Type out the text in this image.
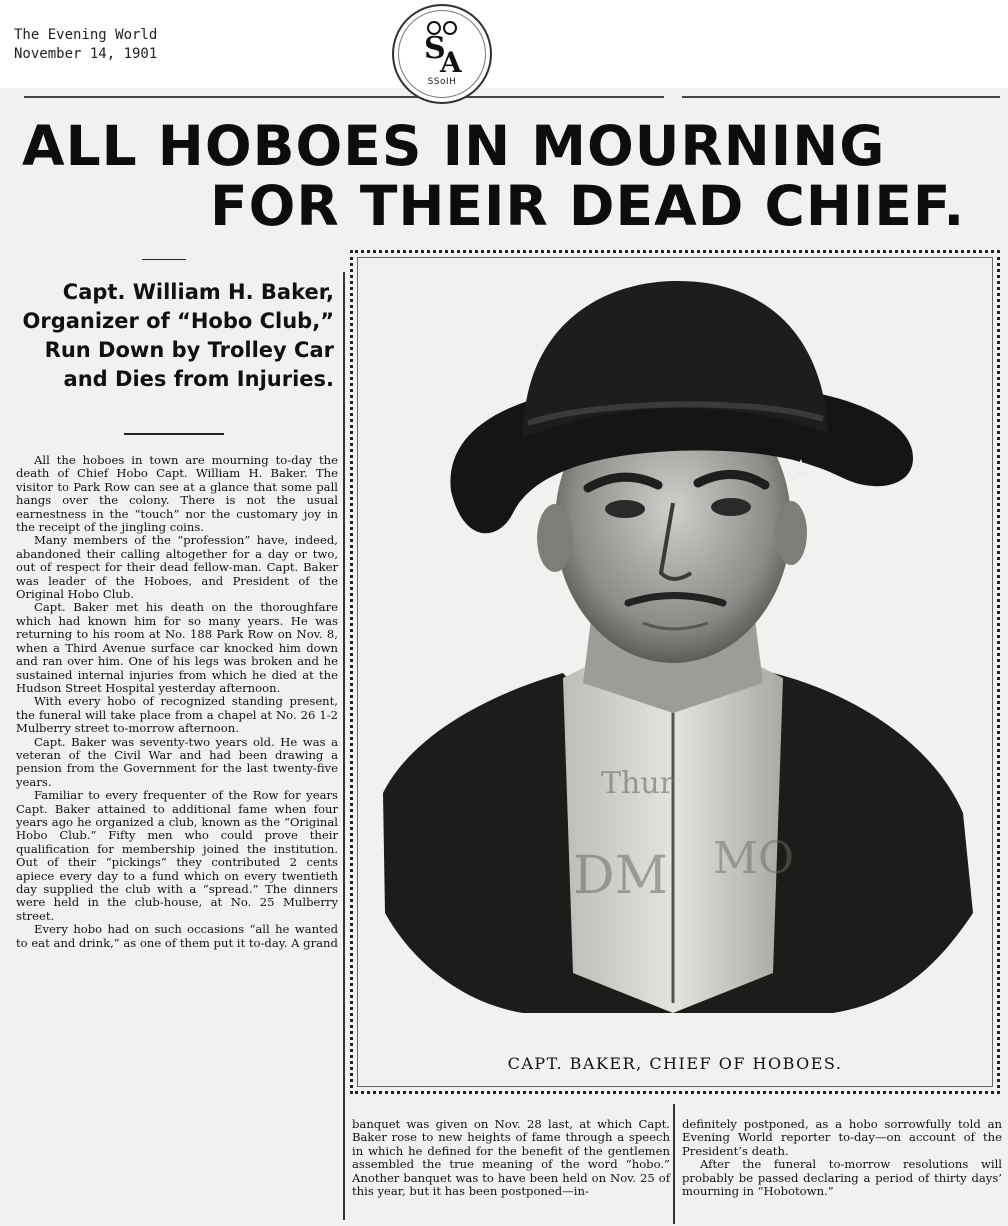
The Evening World
November 14, 1901
ALL HOBOES IN MOURNING
FOR THEIR DEAD CHIEF.
Capt. William H. Baker, Organizer of “Hobo Club,” Run Down by Trolley Car and Dies from Injuries.

All the hoboes in town are mourning to-day the death of Chief Hobo Capt. William H. Baker. The visitor to Park Row can see at a glance that some pall hangs over the colony. There is not the usual earnestness in the “touch” nor the customary joy in the receipt of the jingling coins.

Many members of the “profession” have, indeed, abandoned their calling altogether for a day or two, out of respect for their dead fellow-man. Capt. Baker was leader of the Hoboes, and President of the Original Hobo Club.

Capt. Baker met his death on the thoroughfare which had known him for so many years. He was returning to his room at No. 188 Park Row on Nov. 8, when a Third Avenue surface car knocked him down and ran over him. One of his legs was broken and he sustained internal injuries from which he died at the Hudson Street Hospital yesterday afternoon.

With every hobo of recognized standing present, the funeral will take place from a chapel at No. 26 1-2 Mulberry street to-morrow afternoon.

Capt. Baker was seventy-two years old. He was a veteran of the Civil War and had been drawing a pension from the Government for the last twenty-five years.

Familiar to every frequenter of the Row for years Capt. Baker attained to additional fame when four years ago he organized a club, known as the “Original Hobo Club.” Fifty men who could prove their qualification for membership joined the institution. Out of their “pickings” they contributed 2 cents apiece every day to a fund which on every twentieth day supplied the club with a “spread.” The dinners were held in the club-house, at No. 25 Mulberry street.

Every hobo had on such occasions “all he wanted to eat and drink,” as one of them put it to-day. A grand

Thur
DM MO
CAPT. BAKER, CHIEF OF HOBOES.

banquet was given on Nov. 28 last, at which Capt. Baker rose to new heights of fame through a speech in which he defined for the benefit of the gentlemen assembled the true meaning of the word “hobo.” Another banquet was to have been held on Nov. 25 of this year, but it has been postponed—in-

definitely postponed, as a hobo sorrowfully told an Evening World reporter to-day—on account of the President’s death.

After the funeral to-morrow resolutions will probably be passed declaring a period of thirty days’ mourning in “Hobotown.”

S
A
SSoIH
